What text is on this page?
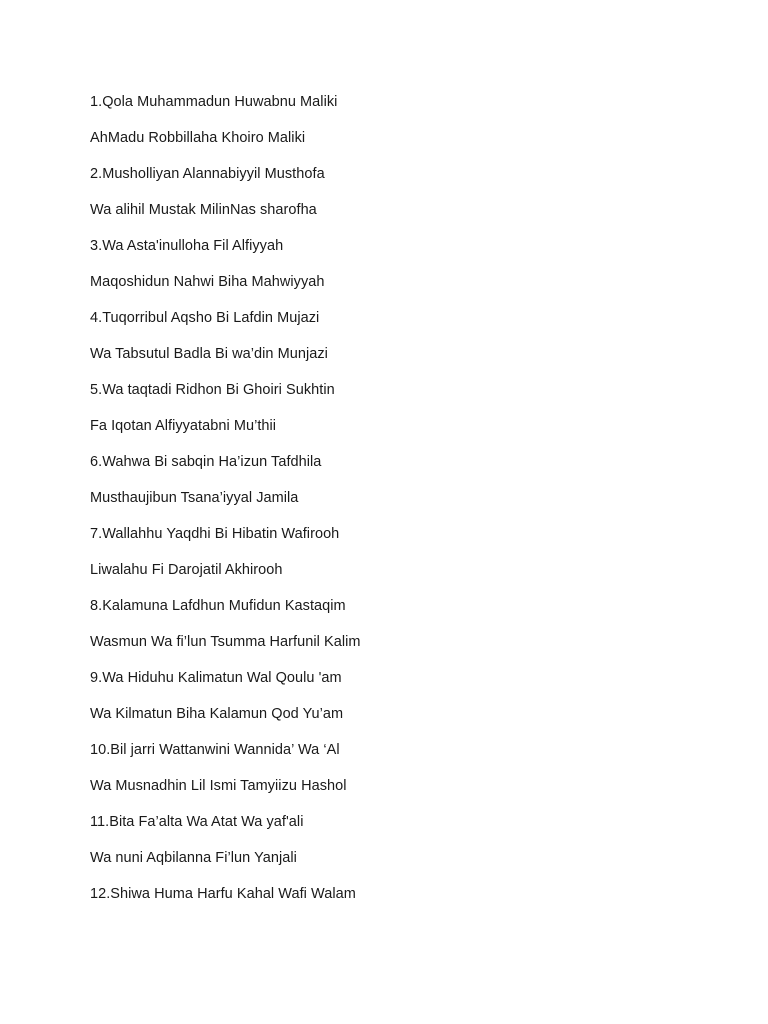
1.Qola Muhammadun Huwabnu Maliki
AhMadu Robbillaha Khoiro Maliki
2.Musholliyan Alannabiyyil Musthofa
Wa alihil Mustak MilinNas sharofha
3.Wa Asta'inulloha Fil Alfiyyah
Maqoshidun Nahwi Biha Mahwiyyah
4.Tuqorribul Aqsho Bi Lafdin Mujazi
Wa Tabsutul Badla Bi wa’din Munjazi
5.Wa taqtadi Ridhon Bi Ghoiri Sukhtin
Fa Iqotan Alfiyyatabni Mu’thii
6.Wahwa Bi sabqin Ha’izun Tafdhila
Musthaujibun Tsana’iyyal Jamila
7.Wallahhu Yaqdhi Bi Hibatin Wafirooh
Liwalahu Fi Darojatil Akhirooh
8.Kalamuna Lafdhun Mufidun Kastaqim
Wasmun Wa fi’lun Tsumma Harfunil Kalim
9.Wa Hiduhu Kalimatun Wal Qoulu 'am
Wa Kilmatun Biha Kalamun Qod Yu’am
10.Bil jarri Wattanwini Wannida’ Wa ‘Al
Wa Musnadhin Lil Ismi Tamyiizu Hashol
11.Bita Fa’alta Wa Atat Wa yaf'ali
Wa nuni Aqbilanna Fi’lun Yanjali
12.Shiwa Huma Harfu Kahal Wafi Walam
